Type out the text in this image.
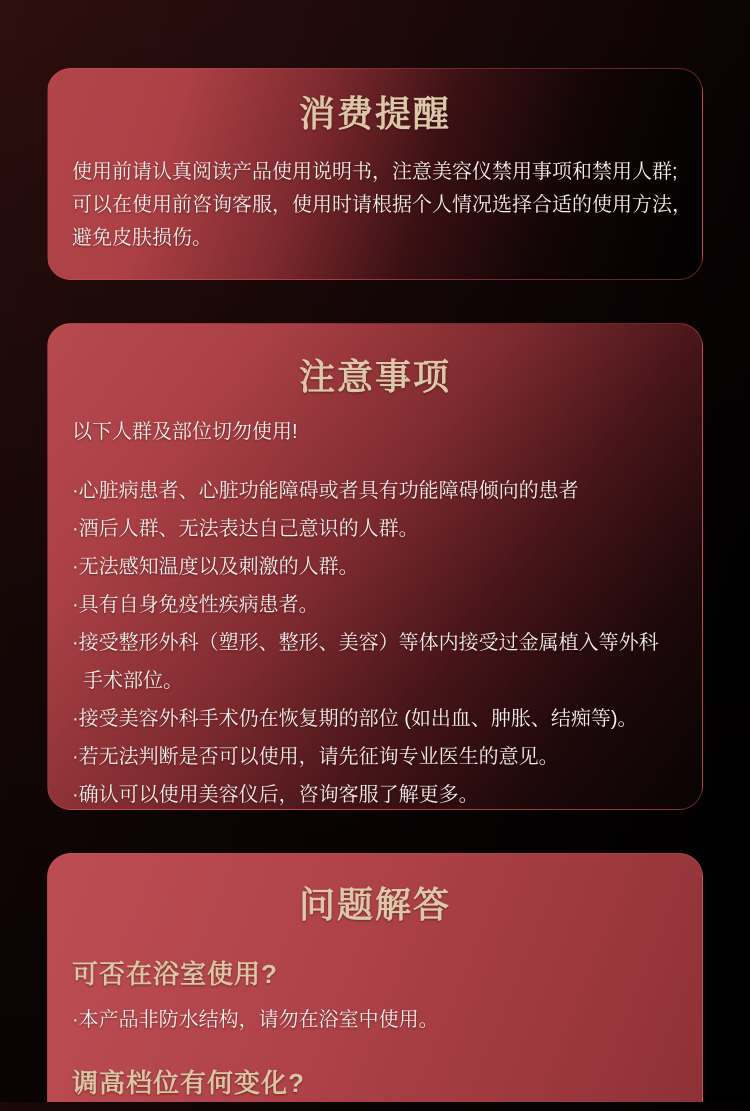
消费提醒
使用前请认真阅读产品使用说明书，注意美容仪禁用事项和禁用人群;
可以在使用前咨询客服，使用时请根据个人情况选择合适的使用方法，
避免皮肤损伤。
注意事项
以下人群及部位切勿使用!
·心脏病患者、心脏功能障碍或者具有功能障碍倾向的患者
·酒后人群、无法表达自己意识的人群。
·无法感知温度以及刺激的人群。
·具有自身免疫性疾病患者。
·接受整形外科（塑形、整形、美容）等体内接受过金属植入等外科手术部位。
·接受美容外科手术仍在恢复期的部位 (如出血、肿胀、结痴等)。
·若无法判断是否可以使用，请先征询专业医生的意见。
·确认可以使用美容仪后，咨询客服了解更多。
问题解答
可否在浴室使用?
·本产品非防水结构，请勿在浴室中使用。
调高档位有何变化?
